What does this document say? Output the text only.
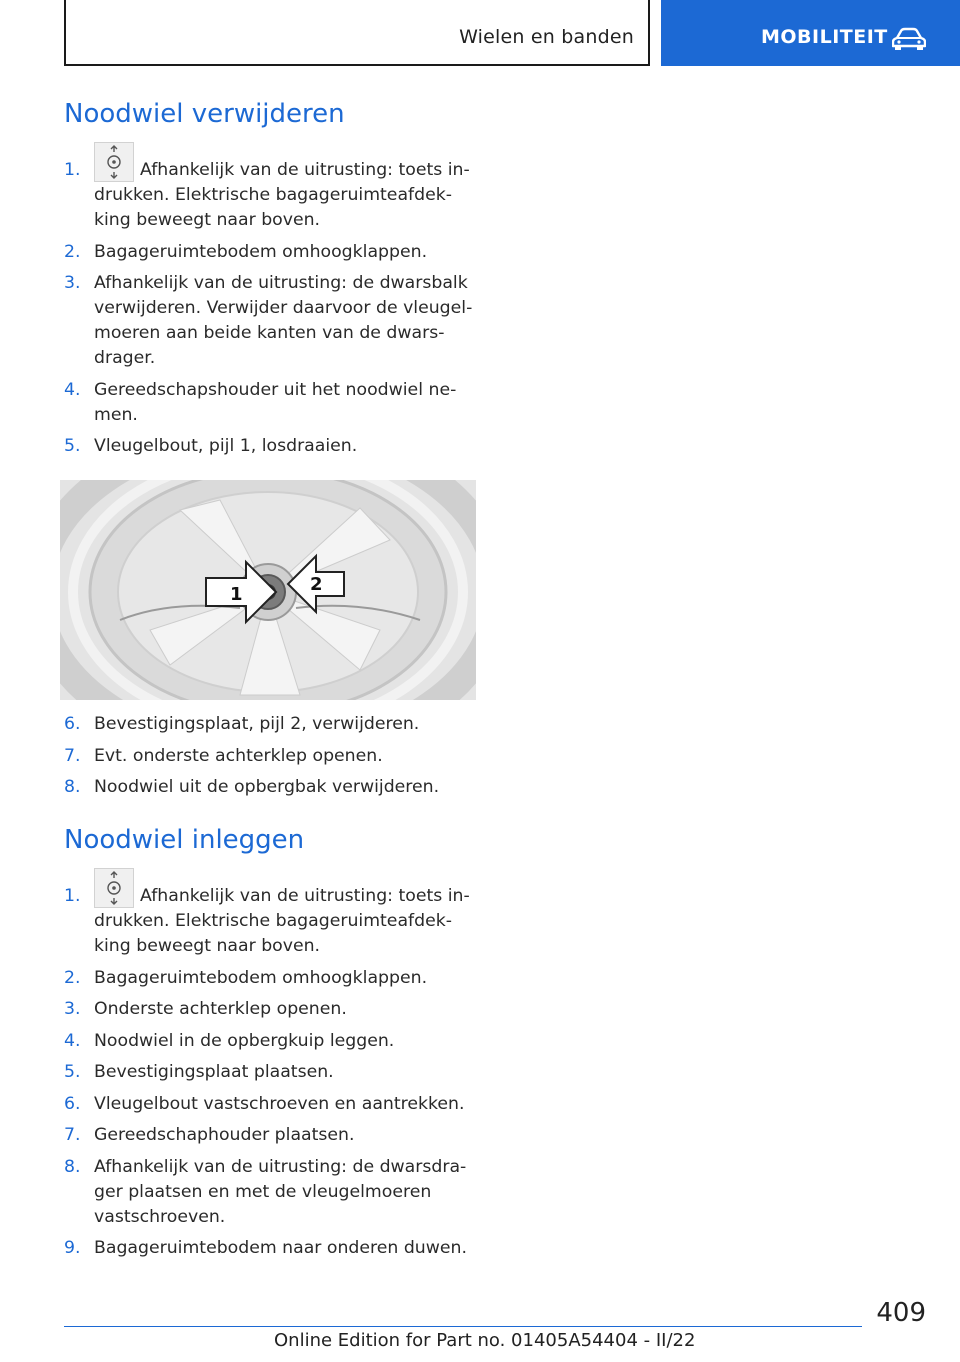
Wielen en banden	MOBILITEIT
Noodwiel verwijderen
1.	Afhankelijk van de uitrusting: toets in- drukken. Elektrische bagageruimteafdek- king beweegt naar boven.
2. Bagageruimtebodem omhoogklappen.
3. Afhankelijk van de uitrusting: de dwarsbalk verwijderen. Verwijder daarvoor de vleugel- moeren aan beide kanten van de dwars- drager.
4. Gereedschapshouder uit het noodwiel ne- men.
5. Vleugelbout, pijl 1, losdraaien.
1	2
6. Bevestigingsplaat, pijl 2, verwijderen.
7. Evt. onderste achterklep openen.
8. Noodwiel uit de opbergbak verwijderen.
Noodwiel inleggen
1.	Afhankelijk van de uitrusting: toets in- drukken. Elektrische bagageruimteafdek- king beweegt naar boven.
2. Bagageruimtebodem omhoogklappen.
3. Onderste achterklep openen.
4. Noodwiel in de opbergkuip leggen.
5. Bevestigingsplaat plaatsen.
6. Vleugelbout vastschroeven en aantrekken.
7. Gereedschaphouder plaatsen.
8. Afhankelijk van de uitrusting: de dwarsdra- ger plaatsen en met de vleugelmoeren vastschroeven.
9. Bagageruimtebodem naar onderen duwen.
409
Online Edition for Part no. 01405A54404 - II/22
